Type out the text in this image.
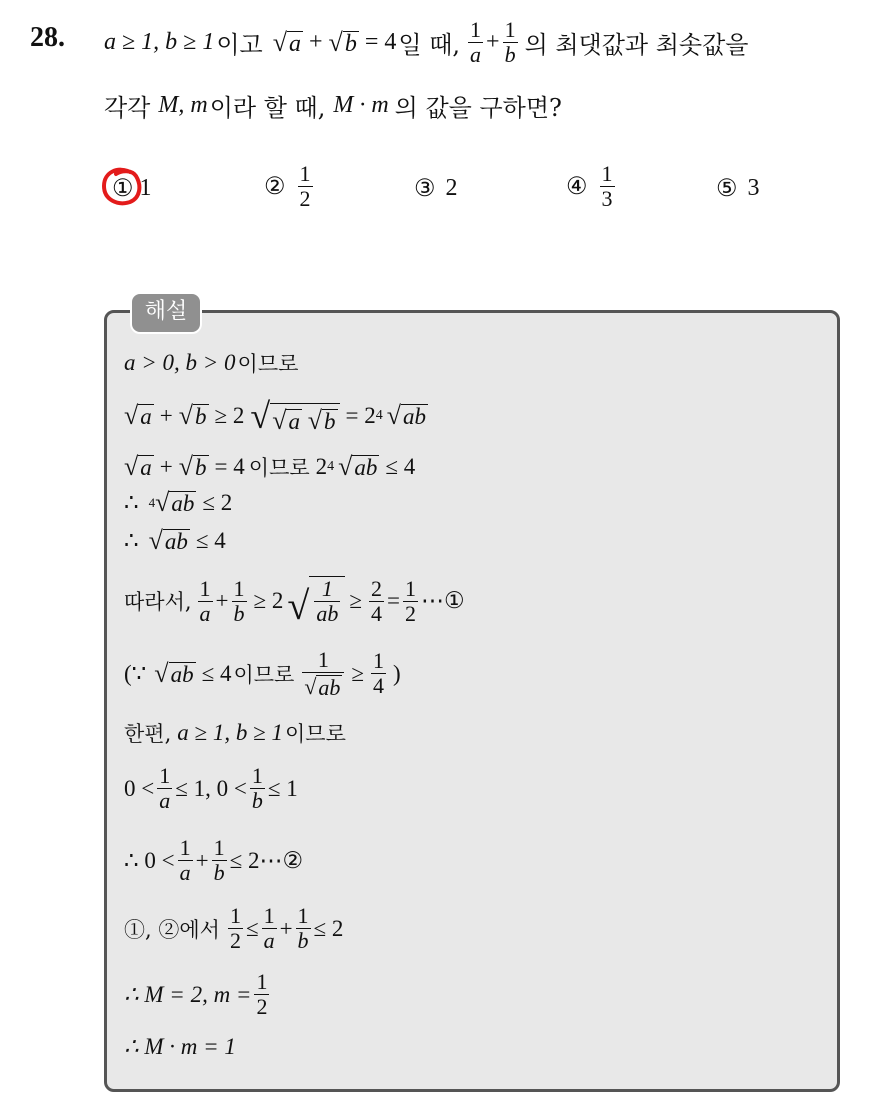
28. a ≥ 1, b ≥ 1 이고 √ a + √ b = 4 일 때, $\frac{1}{a} + \frac{1}{b}$ 의 최댓값과 최솟값을
각각 M, m 이라 할 때, M · m 의 값을 구하면?
① 1	② $\frac{1}{2}$	③ 2	④ $\frac{1}{3}$	⑤ 3
해설
a > 0, b > 0 이므로
√ a + √ b ≥ 2 √ √ a
√ b = 2 4 √ ab
√ a + √ b = 4 이므로 2 4 √ ab ≤ 4
∴ 4 √ ab ≤ 2
∴ √ ab ≤ 4
따라서, $\frac{1}{a} + \frac{1}{b} \ge 2$ √ $\frac{1}{ab} \ge \frac{2}{4} = \frac{1}{2}$ ⋯①
(∵ √ ab ≤ 4 이므로 $\frac{1}{√ ab} \ge \frac{1}{4}$ )
한편, a ≥ 1, b ≥ 1 이므로
$0 < \frac{1}{a} \le 1$, $0 < \frac{1}{b} \le 1$
∴ $0 < \frac{1}{a} + \frac{1}{b}$ ≤ 2⋯②
①, ②에서 $\frac{1}{2} \le \frac{1}{a} + \frac{1}{b} \le 2$
∴ M = 2, $m = \frac{1}{2}$
∴ M · m = 1
